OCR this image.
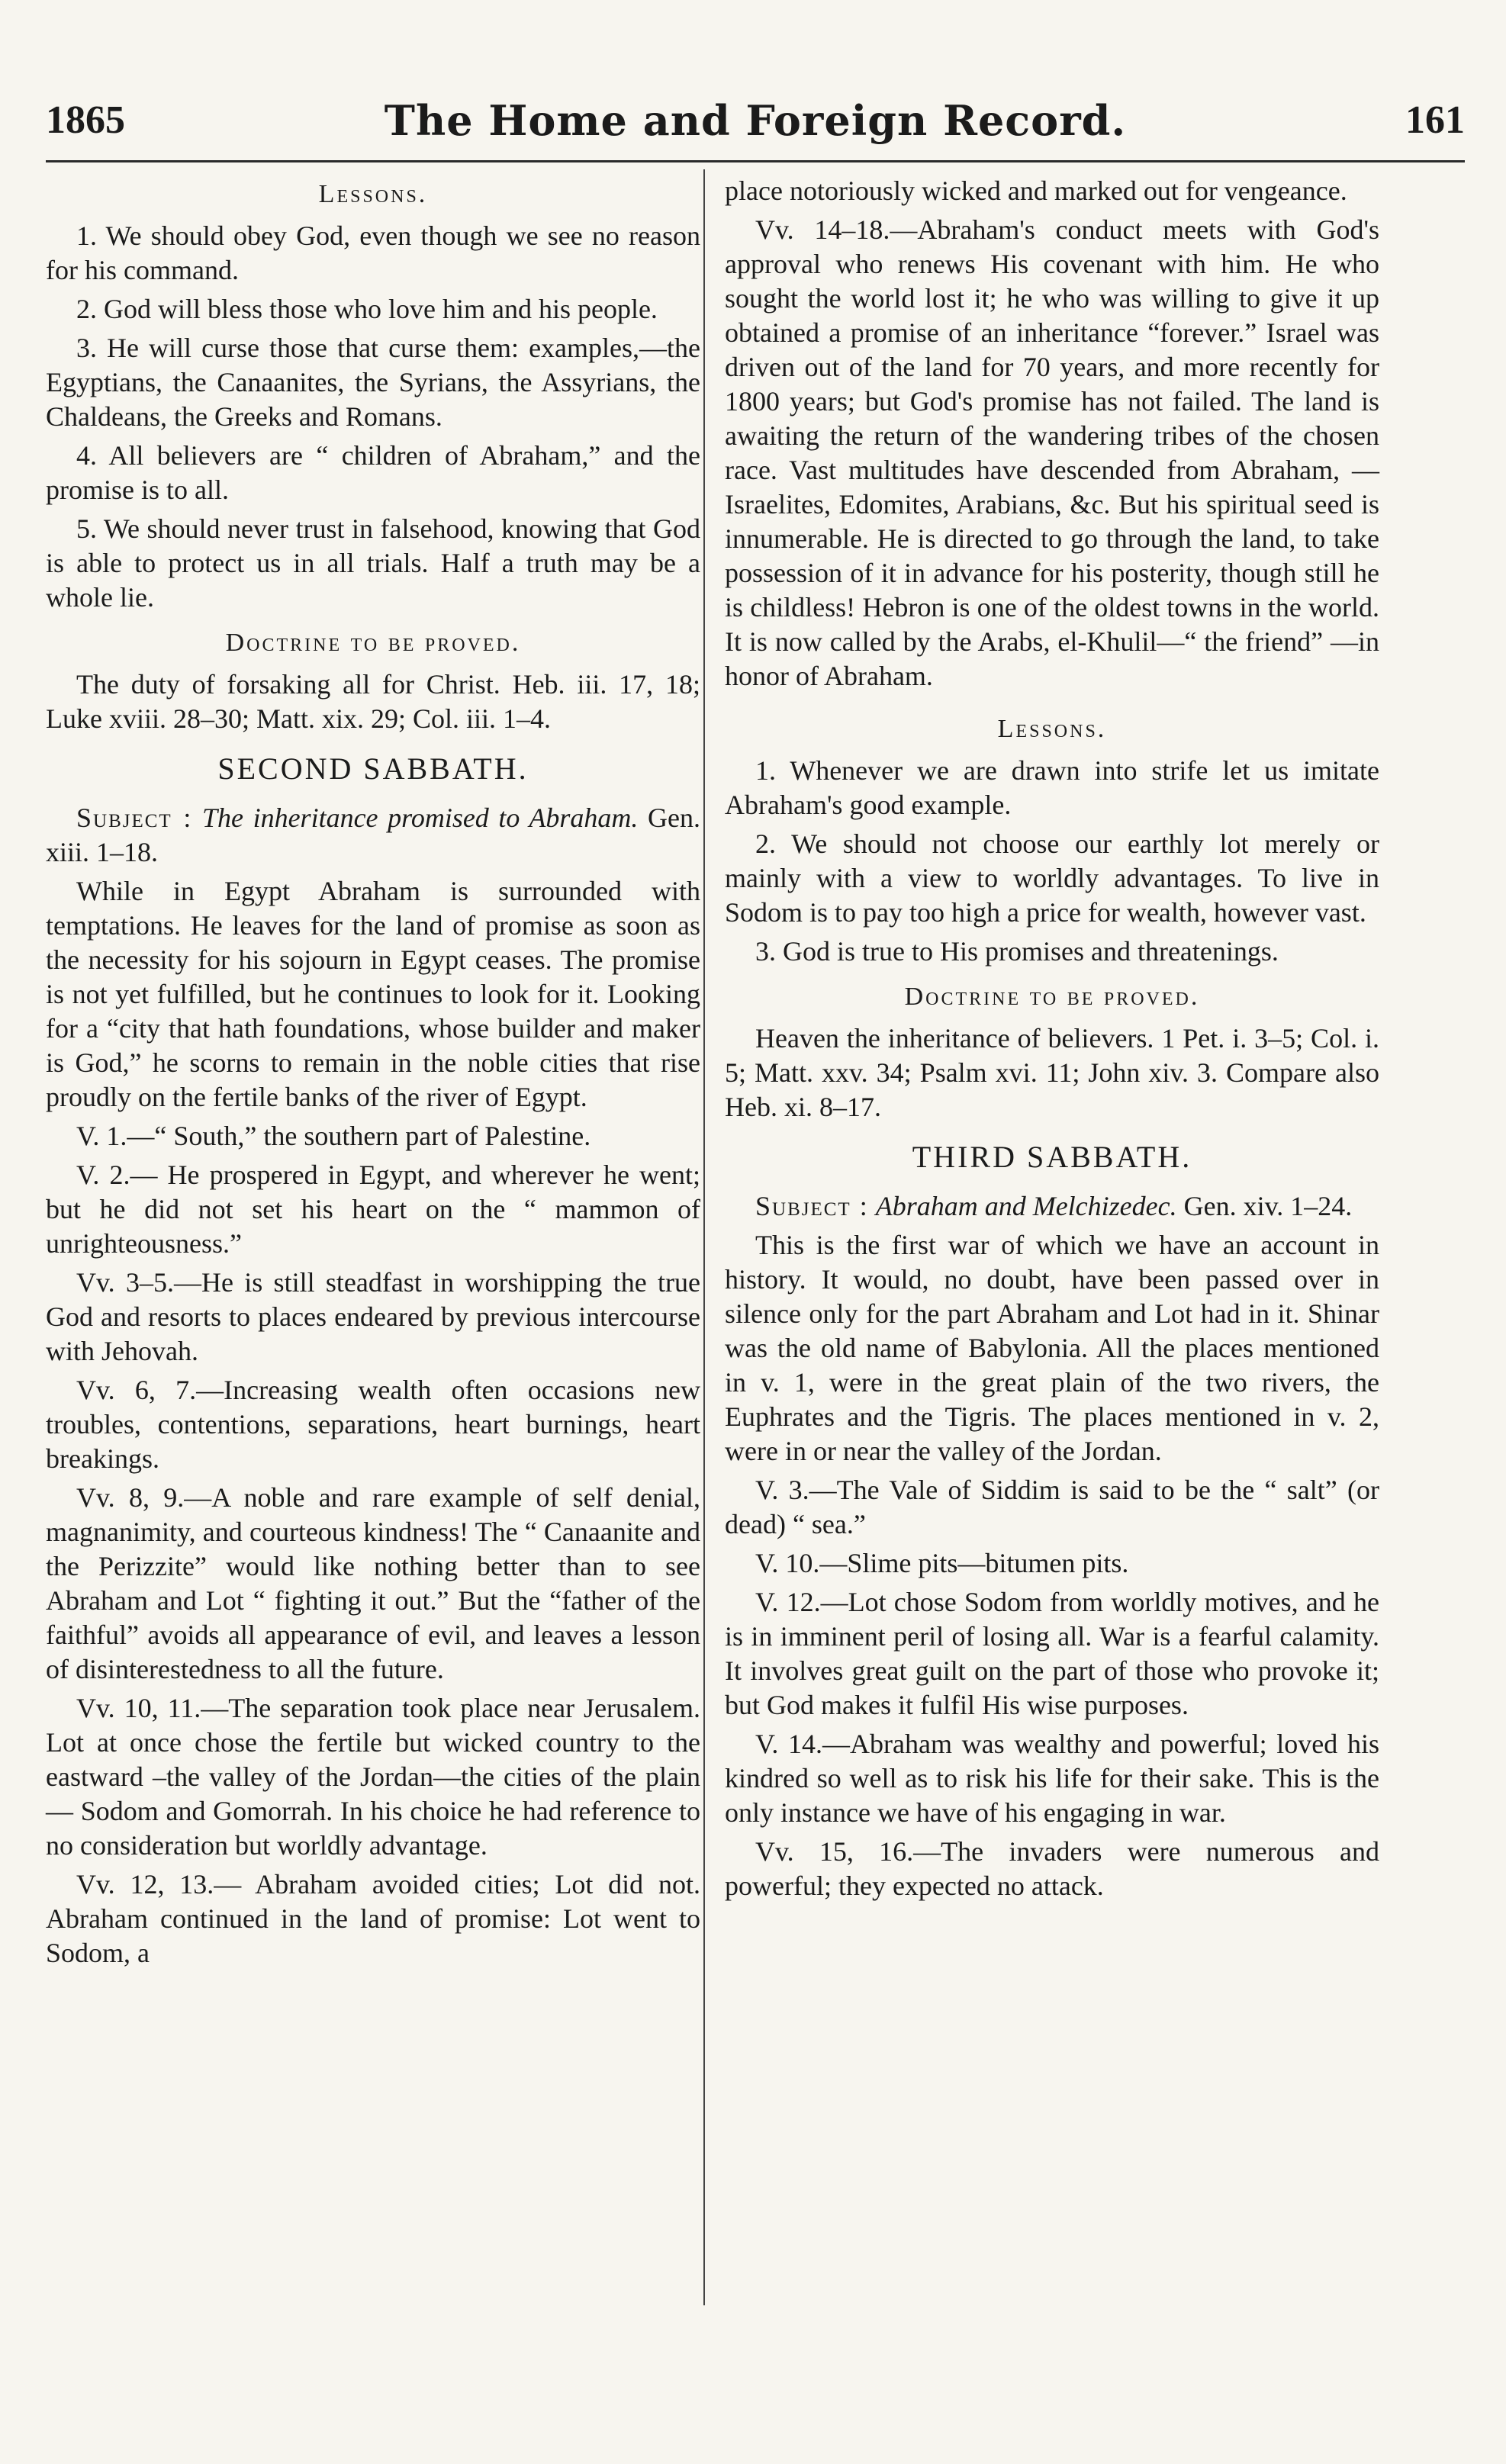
1865	The Home and Foreign Record.	161
Lessons.

1. We should obey God, even though we see no reason for his command.

2. God will bless those who love him and his people.

3. He will curse those that curse them: examples,—the Egyptians, the Canaanites, the Syrians, the Assyrians, the Chaldeans, the Greeks and Romans.

4. All believers are “ children of Abraham,” and the promise is to all.

5. We should never trust in falsehood, knowing that God is able to protect us in all trials. Half a truth may be a whole lie.

Doctrine to be proved.

The duty of forsaking all for Christ. Heb. iii. 17, 18; Luke xviii. 28–30; Matt. xix. 29; Col. iii. 1–4.

SECOND SABBATH.

Subject : The inheritance promised to Abraham. Gen. xiii. 1–18.

While in Egypt Abraham is surrounded with temptations. He leaves for the land of promise as soon as the necessity for his sojourn in Egypt ceases. The promise is not yet fulfilled, but he continues to look for it. Looking for a “city that hath foundations, whose builder and maker is God,” he scorns to remain in the noble cities that rise proudly on the fertile banks of the river of Egypt.

V. 1.—“ South,” the southern part of Palestine.

V. 2.— He prospered in Egypt, and wherever he went; but he did not set his heart on the “ mammon of unrighteousness.”

Vv. 3–5.—He is still steadfast in worshipping the true God and resorts to places endeared by previous intercourse with Jehovah.

Vv. 6, 7.—Increasing wealth often occasions new troubles, contentions, separations, heart burnings, heart breakings.

Vv. 8, 9.—A noble and rare example of self denial, magnanimity, and courteous kindness! The “ Canaanite and the Perizzite” would like nothing better than to see Abraham and Lot “ fighting it out.” But the “father of the faithful” avoids all appearance of evil, and leaves a lesson of disinterestedness to all the future.

Vv. 10, 11.—The separation took place near Jerusalem. Lot at once chose the fertile but wicked country to the eastward –the valley of the Jordan—the cities of the plain— Sodom and Gomorrah. In his choice he had reference to no consideration but worldly advantage.

Vv. 12, 13.— Abraham avoided cities; Lot did not. Abraham continued in the land of promise: Lot went to Sodom, a

place notoriously wicked and marked out for vengeance.

Vv. 14–18.—Abraham's conduct meets with God's approval who renews His covenant with him. He who sought the world lost it; he who was willing to give it up obtained a promise of an inheritance “forever.” Israel was driven out of the land for 70 years, and more recently for 1800 years; but God's promise has not failed. The land is awaiting the return of the wandering tribes of the chosen race. Vast multitudes have descended from Abraham, —Israelites, Edomites, Arabians, &c. But his spiritual seed is innumerable. He is directed to go through the land, to take possession of it in advance for his posterity, though still he is childless! Hebron is one of the oldest towns in the world. It is now called by the Arabs, el-Khulil—“ the friend” —in honor of Abraham.

Lessons.

1. Whenever we are drawn into strife let us imitate Abraham's good example.

2. We should not choose our earthly lot merely or mainly with a view to worldly advantages. To live in Sodom is to pay too high a price for wealth, however vast.

3. God is true to His promises and threatenings.

Doctrine to be proved.

Heaven the inheritance of believers. 1 Pet. i. 3–5; Col. i. 5; Matt. xxv. 34; Psalm xvi. 11; John xiv. 3. Compare also Heb. xi. 8–17.

THIRD SABBATH.

Subject : Abraham and Melchizedec. Gen. xiv. 1–24.

This is the first war of which we have an account in history. It would, no doubt, have been passed over in silence only for the part Abraham and Lot had in it. Shinar was the old name of Babylonia. All the places mentioned in v. 1, were in the great plain of the two rivers, the Euphrates and the Tigris. The places mentioned in v. 2, were in or near the valley of the Jordan.

V. 3.—The Vale of Siddim is said to be the “ salt” (or dead) “ sea.”

V. 10.—Slime pits—bitumen pits.

V. 12.—Lot chose Sodom from worldly motives, and he is in imminent peril of losing all. War is a fearful calamity. It involves great guilt on the part of those who provoke it; but God makes it fulfil His wise purposes.

V. 14.—Abraham was wealthy and powerful; loved his kindred so well as to risk his life for their sake. This is the only instance we have of his engaging in war.

Vv. 15, 16.—The invaders were numerous and powerful; they expected no attack.
